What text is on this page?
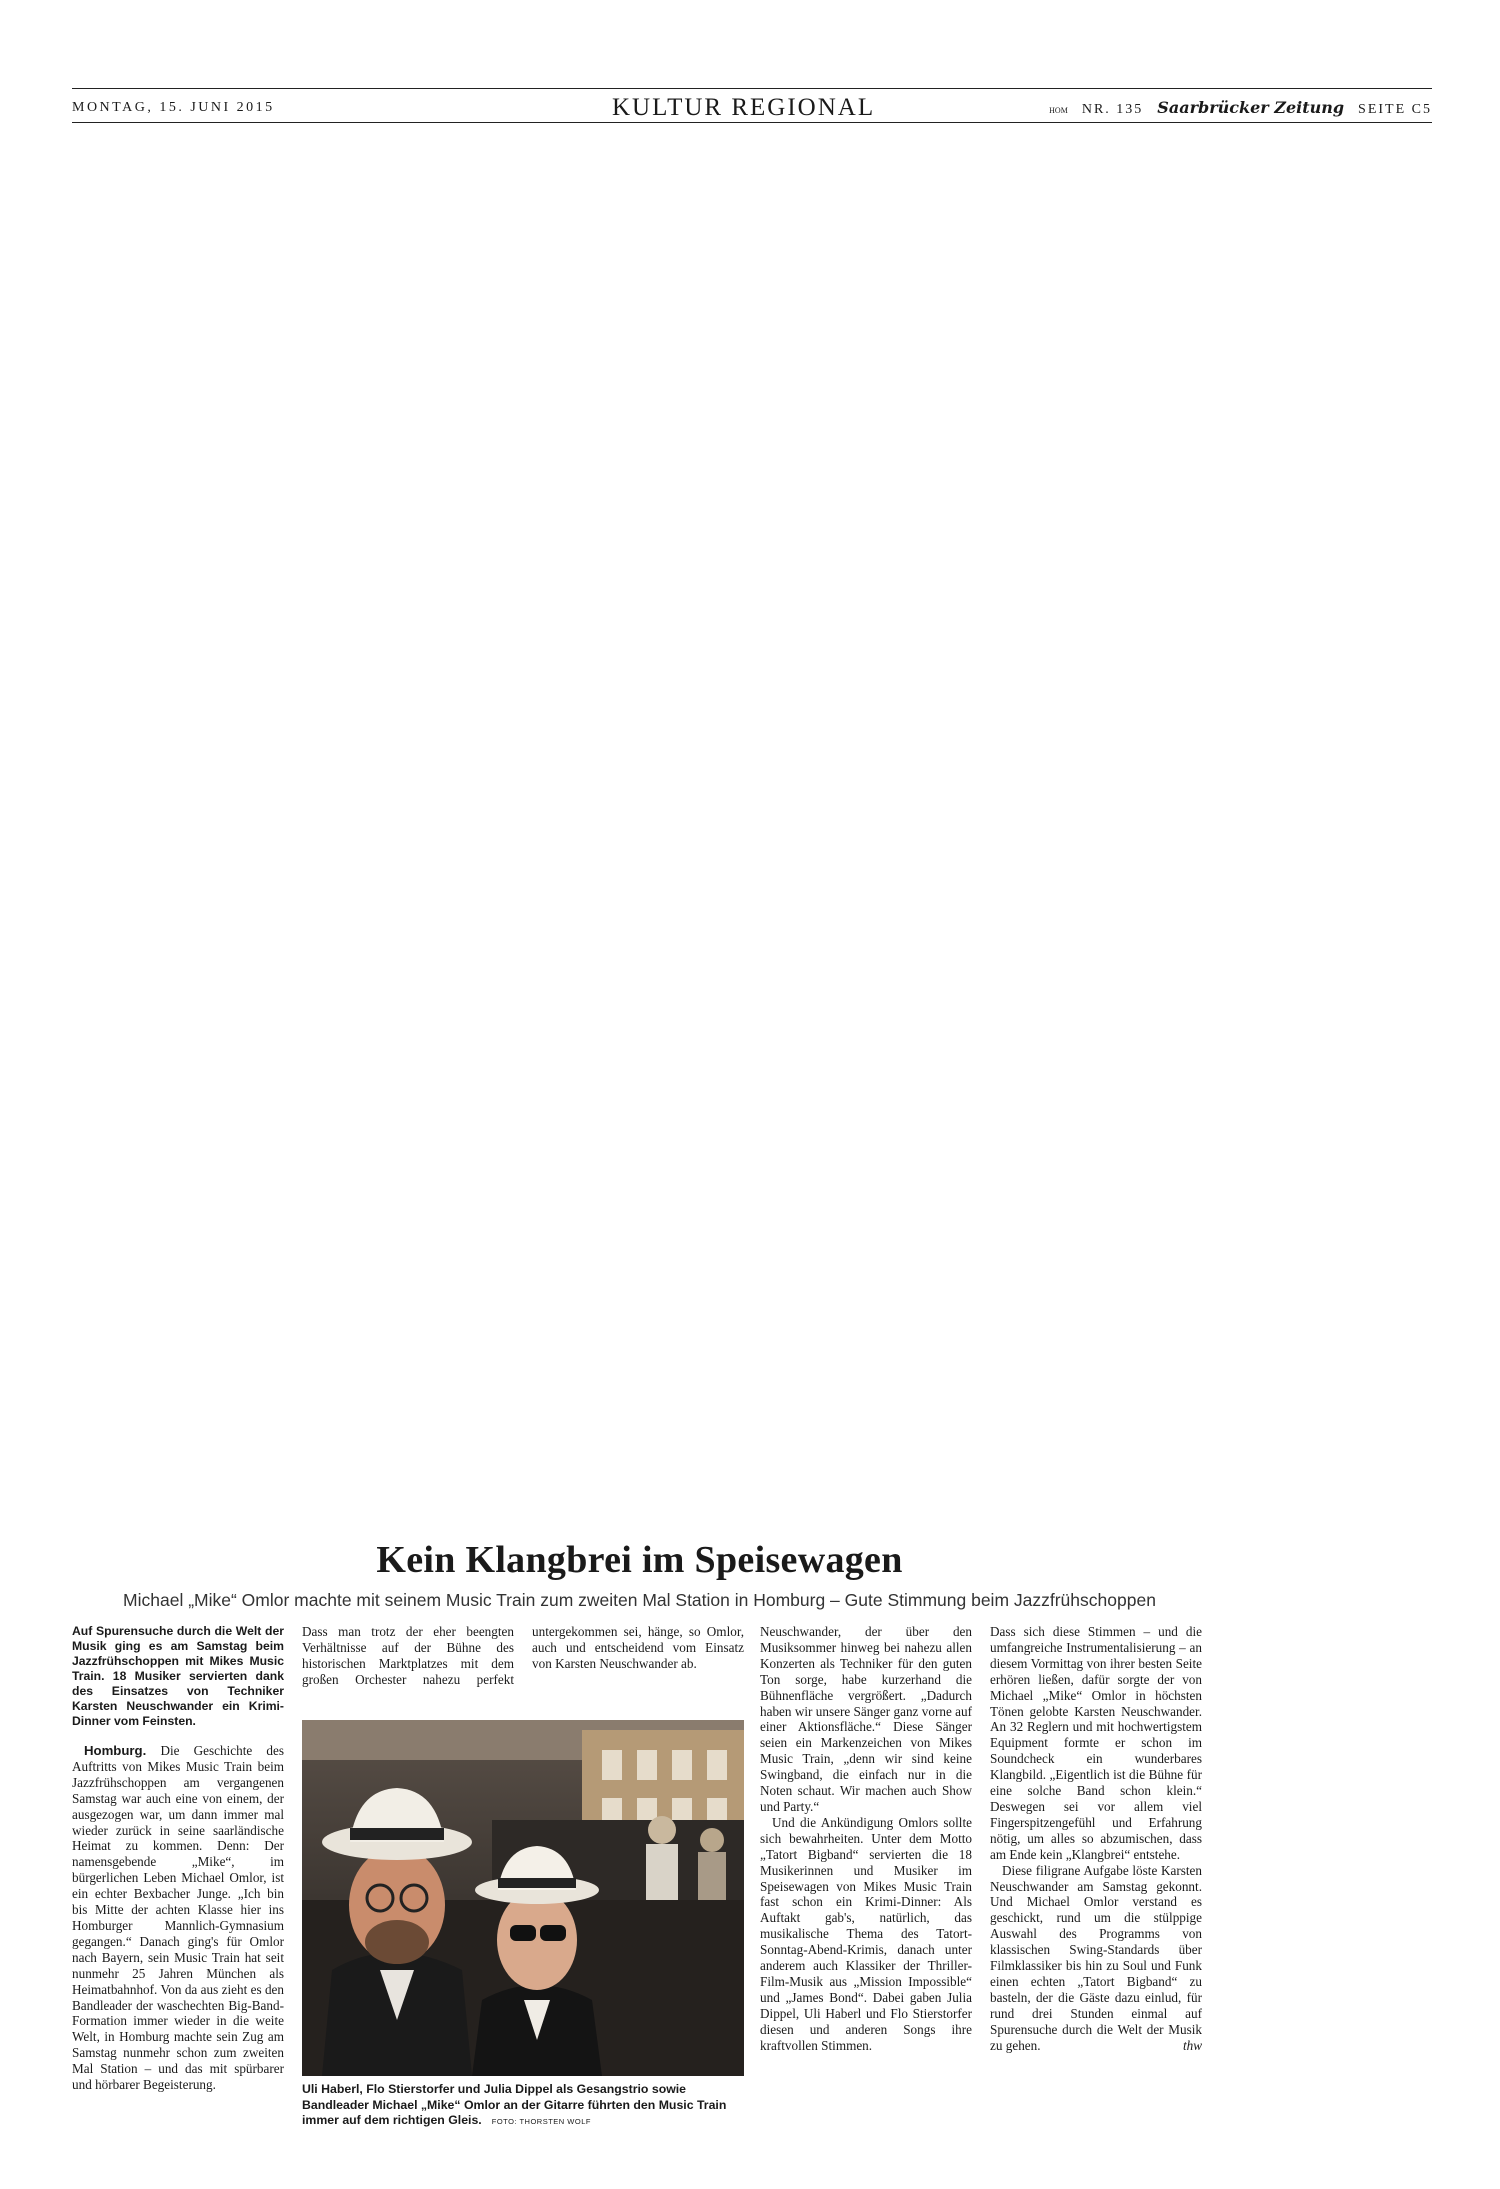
MONTAG, 15. JUNI 2015	KULTUR REGIONAL	HOM NR. 135 Saarbrücker Zeitung SEITE C5
Kein Klangbrei im Speisewagen
Michael „Mike“ Omlor machte mit seinem Music Train zum zweiten Mal Station in Homburg – Gute Stimmung beim Jazzfrühschoppen

Auf Spurensuche durch die Welt der Musik ging es am Samstag beim Jazzfrühschoppen mit Mikes Music Train. 18 Musiker servierten dank des Einsatzes von Techniker Karsten Neuschwander ein Krimi-Dinner vom Feinsten.

Homburg. Die Geschichte des Auftritts von Mikes Music Train beim Jazzfrühschoppen am vergangenen Samstag war auch eine von einem, der ausgezogen war, um dann immer mal wieder zurück in seine saarländische Heimat zu kommen. Denn: Der namensgebende „Mike“, im bürgerlichen Leben Michael Omlor, ist ein echter Bexbacher Junge. „Ich bin bis Mitte der achten Klasse hier ins Homburger Mannlich-Gymnasium gegangen.“ Danach ging's für Omlor nach Bayern, sein Music Train hat seit nunmehr 25 Jahren München als Heimatbahnhof. Von da aus zieht es den Bandleader der waschechten Big-Band-Formation immer wieder in die weite Welt, in Homburg machte sein Zug am Samstag nunmehr schon zum zweiten Mal Station – und das mit spürbarer und hörbarer Begeisterung.

Dass man trotz der eher beengten Verhältnisse auf der Bühne des historischen Marktplatzes mit dem großen Orchester nahezu perfekt untergekommen sei, hänge, so Omlor, auch und entscheidend vom Einsatz von Karsten Neuschwander ab.

Uli Haberl, Flo Stierstorfer und Julia Dippel als Gesangstrio sowie Bandleader Michael „Mike“ Omlor an der Gitarre führten den Music Train immer auf dem richtigen Gleis. FOTO: THORSTEN WOLF

Neuschwander, der über den Musiksommer hinweg bei nahezu allen Konzerten als Techniker für den guten Ton sorge, habe kurzerhand die Bühnenfläche vergrößert. „Dadurch haben wir unsere Sänger ganz vorne auf einer Aktionsfläche.“ Diese Sänger seien ein Markenzeichen von Mikes Music Train, „denn wir sind keine Swingband, die einfach nur in die Noten schaut. Wir machen auch Show und Party.“

Und die Ankündigung Omlors sollte sich bewahrheiten. Unter dem Motto „Tatort Bigband“ servierten die 18 Musikerinnen und Musiker im Speisewagen von Mikes Music Train fast schon ein Krimi-Dinner: Als Auftakt gab's, natürlich, das musikalische Thema des Tatort-Sonntag-Abend-Krimis, danach unter anderem auch Klassiker der Thriller-Film-Musik aus „Mission Impossible“ und „James Bond“. Dabei gaben Julia Dippel, Uli Haberl und Flo Stierstorfer diesen und anderen Songs ihre kraftvollen Stimmen.

Dass sich diese Stimmen – und die umfangreiche Instrumentalisierung – an diesem Vormittag von ihrer besten Seite erhören ließen, dafür sorgte der von Michael „Mike“ Omlor in höchsten Tönen gelobte Karsten Neuschwander. An 32 Reglern und mit hochwertigstem Equipment formte er schon im Soundcheck ein wunderbares Klangbild. „Eigentlich ist die Bühne für eine solche Band schon klein.“ Deswegen sei vor allem viel Fingerspitzengefühl und Erfahrung nötig, um alles so abzumischen, dass am Ende kein „Klangbrei“ entstehe.

Diese filigrane Aufgabe löste Karsten Neuschwander am Samstag gekonnt. Und Michael Omlor verstand es geschickt, rund um die stülppige Auswahl des Programms von klassischen Swing-Standards über Filmklassiker bis hin zu Soul und Funk einen echten „Tatort Bigband“ zu basteln, der die Gäste dazu einlud, für rund drei Stunden einmal auf Spurensuche durch die Welt der Musik zu gehen.	thw
